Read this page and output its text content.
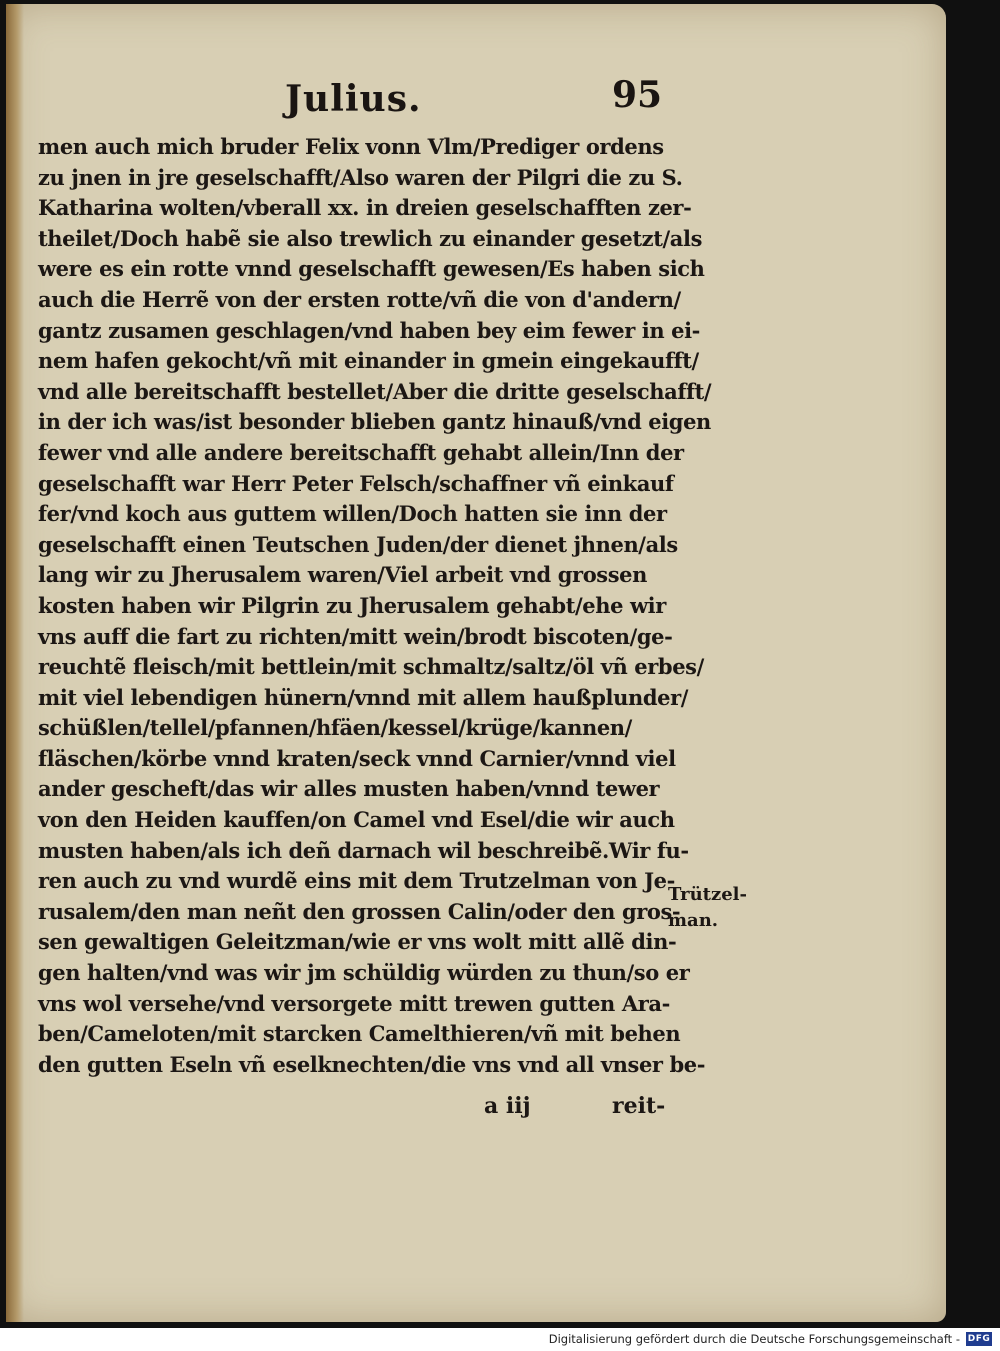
Julius.	95
men auch mich bruder Felix vonn Vlm/Prediger ordens
zu jnen in jre geselschafft/Also waren der Pilgri die zu S.
Katharina wolten/vberall xx. in dreien geselschafften zer-
theilet/Doch habẽ sie also trewlich zu einander gesetzt/als
were es ein rotte vnnd geselschafft gewesen/Es haben sich
auch die Herrẽ von der ersten rotte/vñ die von d'andern/
gantz zusamen geschlagen/vnd haben bey eim fewer in ei-
nem hafen gekocht/vñ mit einander in gmein eingekaufft/
vnd alle bereitschafft bestellet/Aber die dritte geselschafft/
in der ich was/ist besonder blieben gantz hinauß/vnd eigen
fewer vnd alle andere bereitschafft gehabt allein/Inn der
geselschafft war Herr Peter Felsch/schaffner vñ einkauf
fer/vnd koch aus guttem willen/Doch hatten sie inn der
geselschafft einen Teutschen Juden/der dienet jhnen/als
lang wir zu Jherusalem waren/Viel arbeit vnd grossen
kosten haben wir Pilgrin zu Jherusalem gehabt/ehe wir
vns auff die fart zu richten/mitt wein/brodt biscoten/ge-
reuchtẽ fleisch/mit bettlein/mit schmaltz/saltz/öl vñ erbes/
mit viel lebendigen hünern/vnnd mit allem haußplunder/
schüßlen/tellel/pfannen/hfäen/kessel/krüge/kannen/
fläschen/körbe vnnd kraten/seck vnnd Carnier/vnnd viel
ander gescheft/das wir alles musten haben/vnnd tewer
von den Heiden kauffen/on Camel vnd Esel/die wir auch
musten haben/als ich deñ darnach wil beschreibẽ.Wir fu-
ren auch zu vnd wurdẽ eins mit dem Trutzelman von Je-
rusalem/den man neñt den grossen Calin/oder den gros-
sen gewaltigen Geleitzman/wie er vns wolt mitt allẽ din-
gen halten/vnd was wir jm schüldig würden zu thun/so er
vns wol versehe/vnd versorgete mitt trewen gutten Ara-
ben/Cameloten/mit starcken Camelthieren/vñ mit behen
den gutten Eseln vñ eselknechten/die vns vnd all vnser be-
Trützel-
man.
a iij	reit-
Digitalisierung gefördert durch die Deutsche Forschungsgemeinschaft - DFG
